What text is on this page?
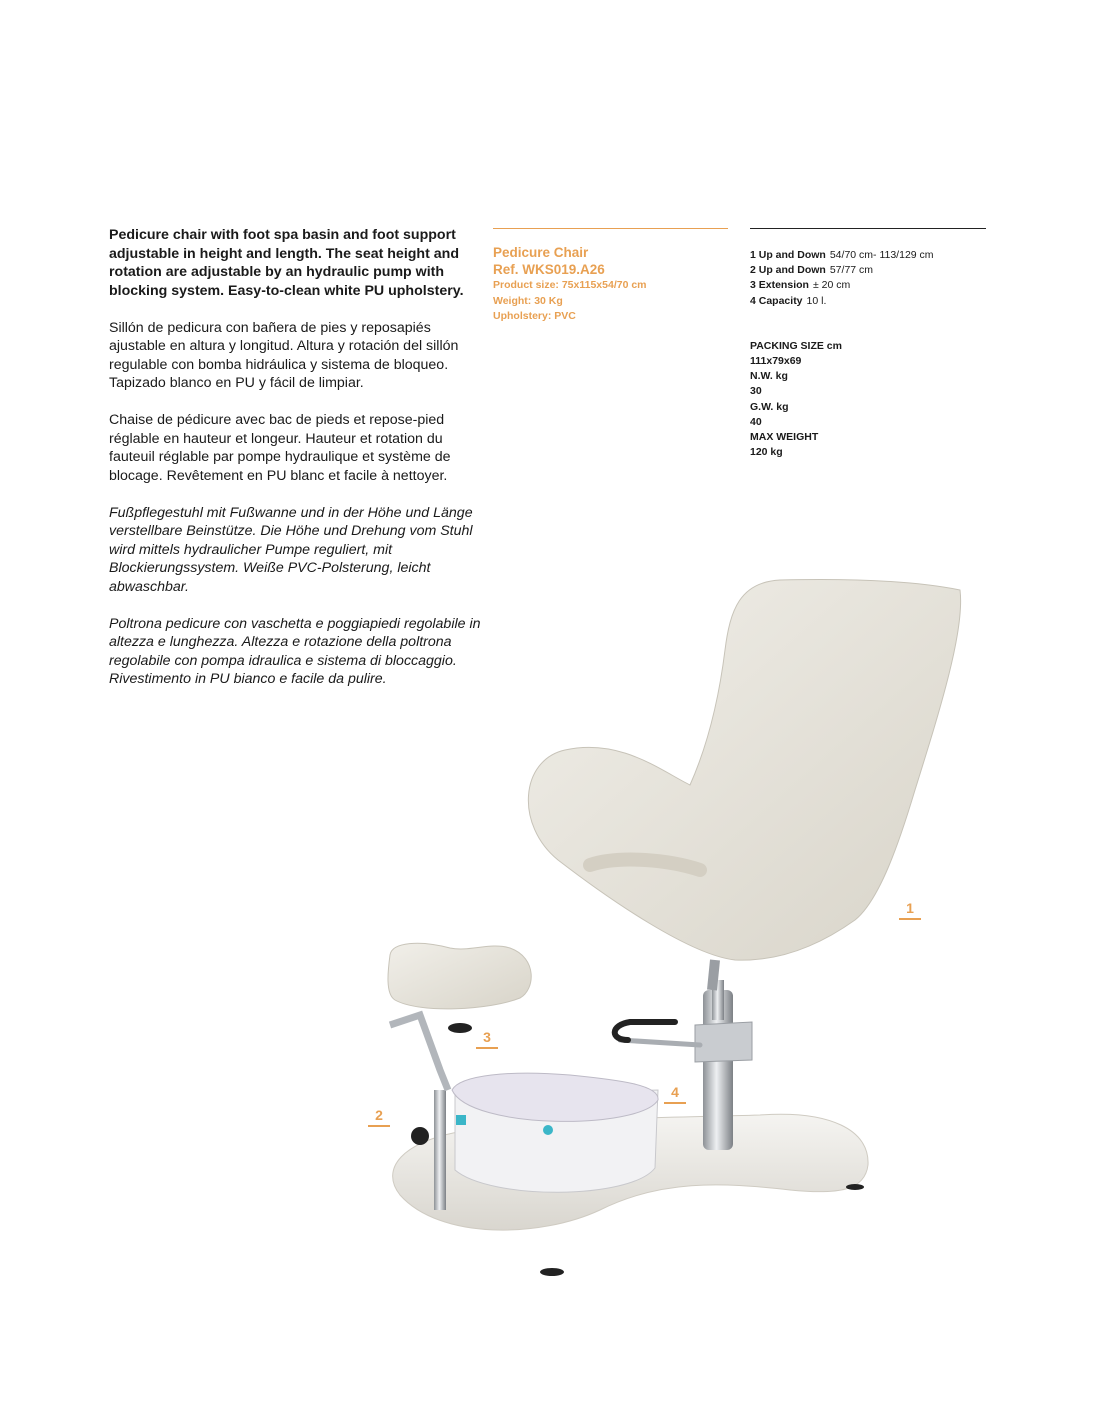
Pedicure chair with foot spa basin and foot support adjustable in height and length. The seat height and rotation are adjustable by an hydraulic pump with blocking system. Easy-to-clean white PU upholstery.

Sillón de pedicura con bañera de pies y reposapiés ajustable en altura y longitud. Altura y rotación del sillón regulable con bomba hidráulica y sistema de bloqueo. Tapizado blanco en PU y fácil de limpiar.

Chaise de pédicure avec bac de pieds et repose-pied réglable en hauteur et longeur. Hauteur et rotation du fauteuil réglable par pompe hydraulique et système de blocage. Revêtement en PU blanc et facile à nettoyer.

Fußpflegestuhl mit Fußwanne und in der Höhe und Länge verstellbare Beinstütze. Die Höhe und Drehung vom Stuhl wird mittels hydraulicher Pumpe reguliert, mit Blockierungssystem. Weiße PVC-Polsterung, leicht abwaschbar.

Poltrona pedicure con vaschetta e poggiapiedi regolabile in altezza e lunghezza. Altezza e rotazione della poltrona regolabile con pompa idraulica e sistema di bloccaggio. Rivestimento in PU bianco e facile da pulire.

Pedicure Chair
Ref. WKS019.A26
Product size: 75x115x54/70 cm
Weight: 30 Kg
Upholstery: PVC
1 Up and Down 54/70 cm- 113/129 cm
2 Up and Down 57/77 cm
3 Extension ± 20 cm
4 Capacity 10 l.
PACKING SIZE cm
111x79x69
N.W. kg
30
G.W. kg
40
MAX WEIGHT
120 kg
1
2
3
4
